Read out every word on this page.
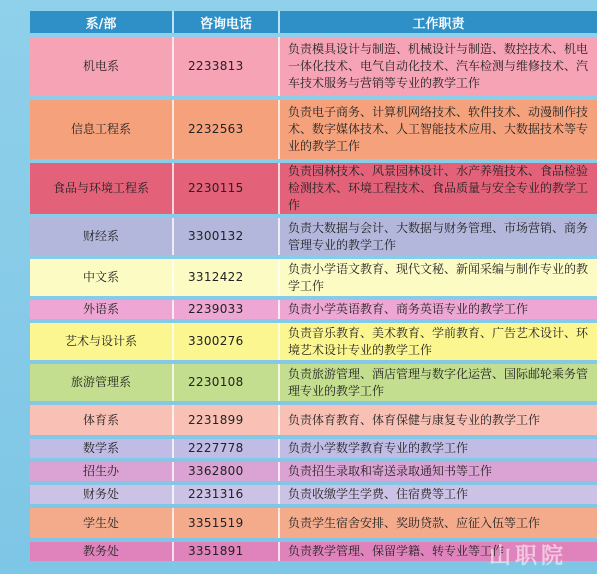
系/部	咨询电话	工作职责
机电系	2233813	负责模具设计与制造、机械设计与制造、数控技术、机电一体化技术、电气自动化技术、汽车检测与维修技术、汽车技术服务与营销等专业的教学工作
信息工程系	2232563	负责电子商务、计算机网络技术、软件技术、动漫制作技术、数字媒体技术、人工智能技术应用、大数据技术等专业的教学工作
食品与环境工程系	2230115	负责园林技术、风景园林设计、水产养殖技术、食品检验检测技术、环境工程技术、食品质量与安全专业的教学工作
财经系	3300132	负责大数据与会计、大数据与财务管理、市场营销、商务管理专业的教学工作
中文系	3312422	负责小学语文教育、现代文秘、新闻采编与制作专业的教学工作
外语系	2239033	负责小学英语教育、商务英语专业的教学工作
艺术与设计系	3300276	负责音乐教育、美术教育、学前教育、广告艺术设计、环境艺术设计专业的教学工作
旅游管理系	2230108	负责旅游管理、酒店管理与数字化运营、国际邮轮乘务管理专业的教学工作
体育系	2231899	负责体育教育、体育保健与康复专业的教学工作
数学系	2227778	负责小学数学教育专业的教学工作
招生办	3362800	负责招生录取和寄送录取通知书等工作
财务处	2231316	负责收缴学生学费、住宿费等工作
学生处	3351519	负责学生宿舍安排、奖助贷款、应征入伍等工作
教务处	3351891	负责教学管理、保留学籍、转专业等工作
山职院
